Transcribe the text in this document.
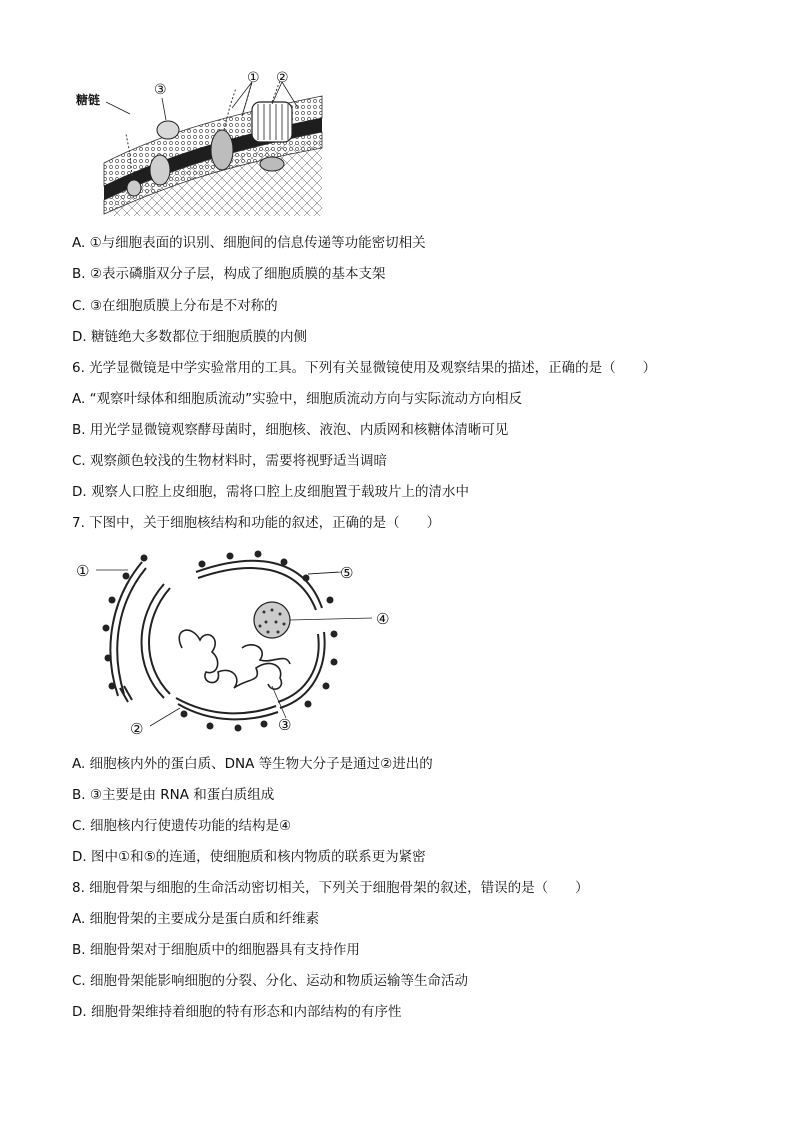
糖链
③
① ②
A. ①与细胞表面的识别、细胞间的信息传递等功能密切相关
B. ②表示磷脂双分子层，构成了细胞质膜的基本支架
C. ③在细胞质膜上分布是不对称的
D. 糖链绝大多数都位于细胞质膜的内侧
6. 光学显微镜是中学实验常用的工具。下列有关显微镜使用及观察结果的描述，正确的是（　　）
A. “观察叶绿体和细胞质流动”实验中，细胞质流动方向与实际流动方向相反
B. 用光学显微镜观察酵母菌时，细胞核、液泡、内质网和核糖体清晰可见
C. 观察颜色较浅的生物材料时，需要将视野适当调暗
D. 观察人口腔上皮细胞，需将口腔上皮细胞置于载玻片上的清水中
7. 下图中，关于细胞核结构和功能的叙述，正确的是（　　）
①	⑤
④
②	③
A. 细胞核内外的蛋白质、DNA 等生物大分子是通过②进出的
B. ③主要是由 RNA 和蛋白质组成
C. 细胞核内行使遗传功能的结构是④
D. 图中①和⑤的连通，使细胞质和核内物质的联系更为紧密
8. 细胞骨架与细胞的生命活动密切相关，下列关于细胞骨架的叙述，错误的是（　　）
A. 细胞骨架的主要成分是蛋白质和纤维素
B. 细胞骨架对于细胞质中的细胞器具有支持作用
C. 细胞骨架能影响细胞的分裂、分化、运动和物质运输等生命活动
D. 细胞骨架维持着细胞的特有形态和内部结构的有序性
